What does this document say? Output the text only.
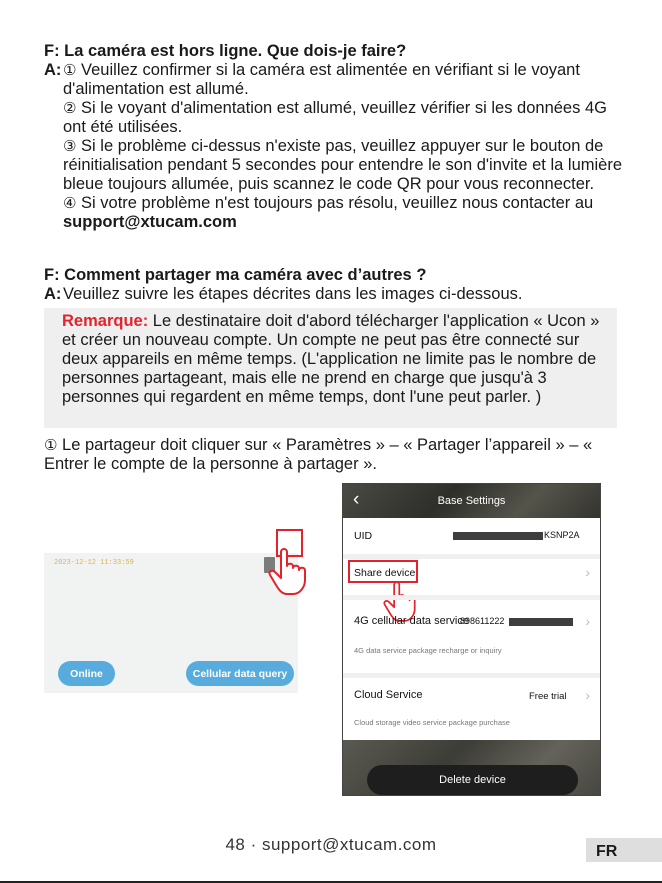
F: La caméra est hors ligne. Que dois-je faire?
A: ① Veuillez confirmer si la caméra est alimentée en vérifiant si le voyant d'alimentation est allumé.

② Si le voyant d'alimentation est allumé, veuillez vérifier si les données 4G ont été utilisées.

③ Si le problème ci-dessus n'existe pas, veuillez appuyer sur le bouton de réinitialisation pendant 5 secondes pour entendre le son d'invite et la lumière bleue toujours allumée, puis scannez le code QR pour vous reconnecter.

④ Si votre problème n'est toujours pas résolu, veuillez nous contacter au

support@xtucam.com

F: Comment partager ma caméra avec d’autres ?
A: Veuillez suivre les étapes décrites dans les images ci-dessous.
Remarque: Le destinataire doit d'abord télécharger l'application « Ucon » et créer un nouveau compte. Un compte ne peut pas être connecté sur deux appareils en même temps. (L'application ne limite pas le nombre de personnes partageant, mais elle ne prend en charge que jusqu'à 3 personnes qui regardent en même temps, dont l'une peut parler. )
① Le partageur doit cliquer sur « Paramètres » – « Partager l’appareil » – « Entrer le compte de la personne à partager ».
2023-12-12 11:33:59
Online	Cellular data query
‹	Base Settings
UID	KSNP2A
Share device	›
4G cellular data service
898611222	›
4G data service package recharge or inquiry
Cloud Service	Free trial ›
Cloud storage video service package purchase
Delete device
48 · support@xtucam.com	FR
